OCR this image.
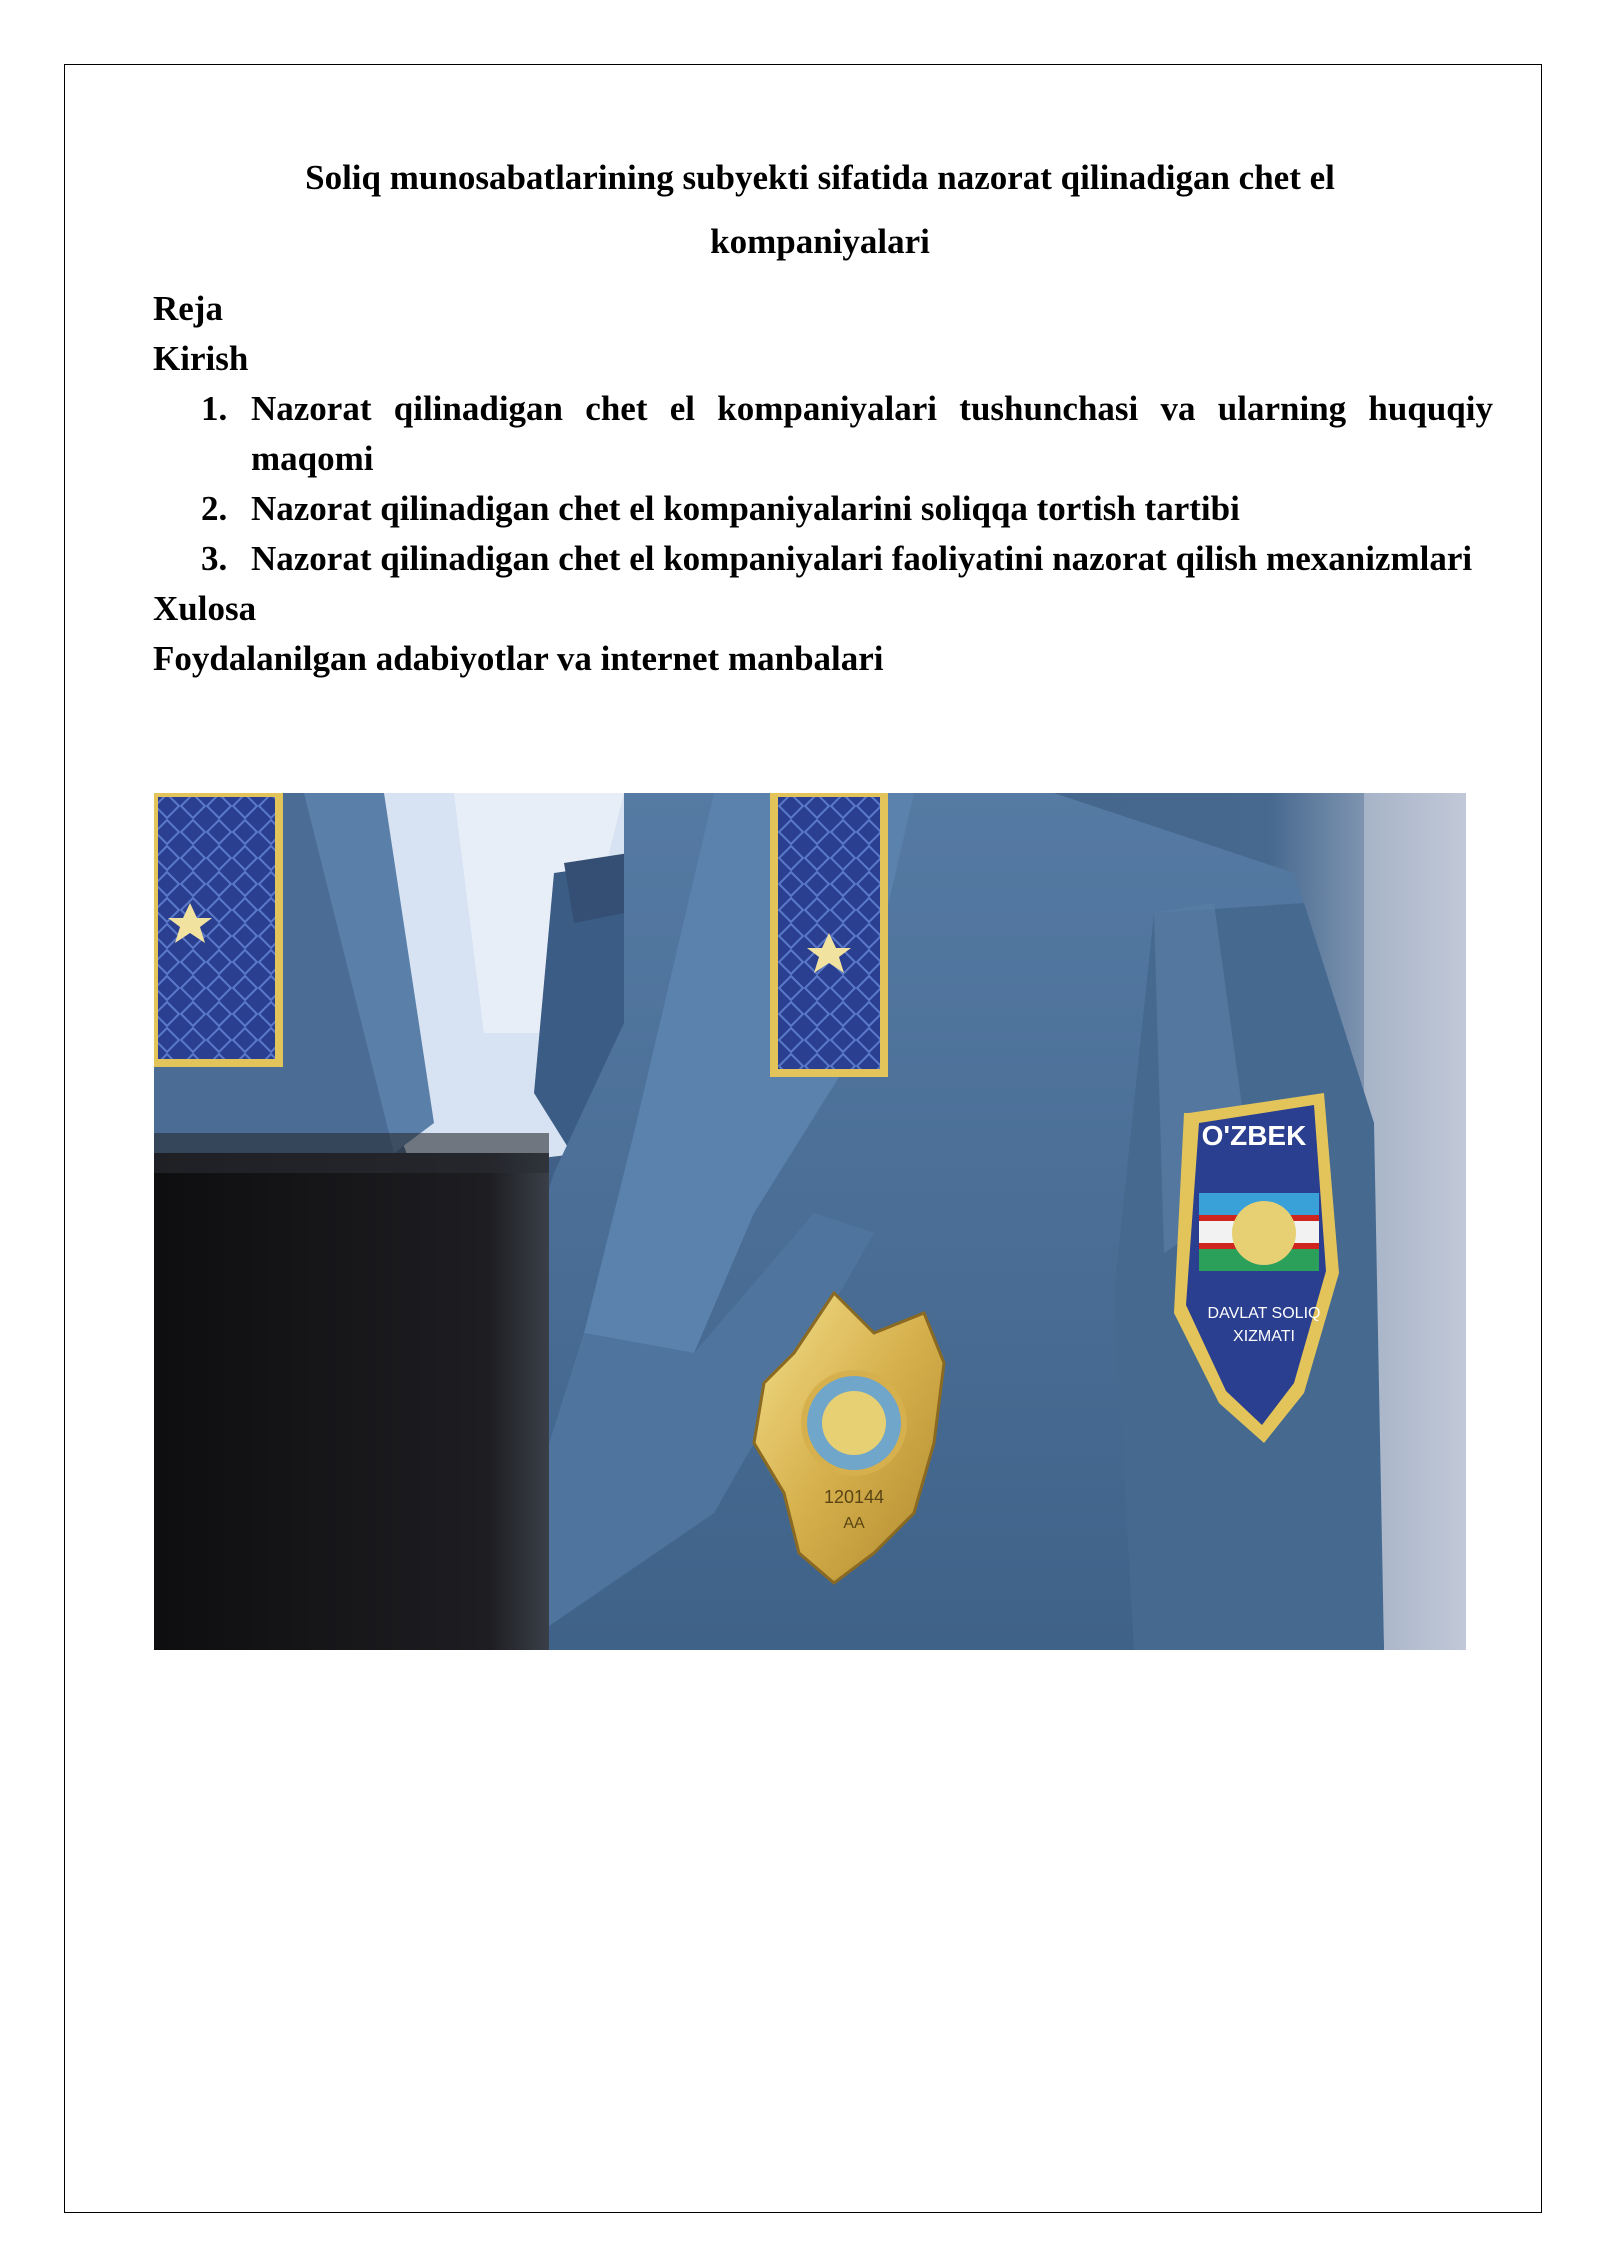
Soliq munosabatlarining subyekti sifatida nazorat qilinadigan chet el
kompaniyalari

Reja

Kirish

1. Nazorat qilinadigan chet el kompaniyalari tushunchasi va ularning huquqiy maqomi
2. Nazorat qilinadigan chet el kompaniyalarini soliqqa tortish tartibi
3. Nazorat qilinadigan chet el kompaniyalari faoliyatini nazorat qilish mexanizmlari

Xulosa

Foydalanilgan adabiyotlar va internet manbalari

120144
AA
O'ZBEK
DAVLAT SOLIQ
XIZMATI
